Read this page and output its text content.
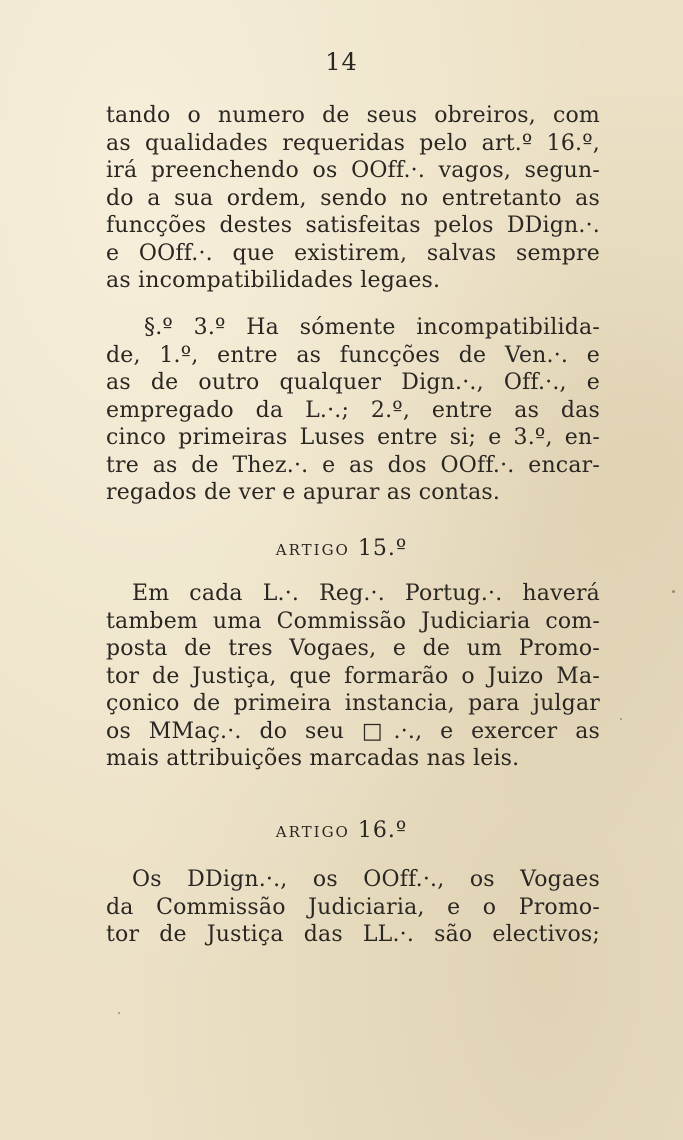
14
tando o numero de seus obreiros, com
as qualidades requeridas pelo art.º 16.º,
irá preenchendo os OOff.·. vagos, segun-
do a sua ordem, sendo no entretanto as
funcções destes satisfeitas pelos DDign.·.
e OOff.·. que existirem, salvas sempre
as incompatibilidades legaes.
§.º 3.º Ha sómente incompatibilida-
de, 1.º, entre as funcções de Ven.·. e
as de outro qualquer Dign.·., Off.·., e
empregado da L.·.; 2.º, entre as das
cinco primeiras Luses entre si; e 3.º, en-
tre as de Thez.·. e as dos OOff.·. encar-
regados de ver e apurar as contas.
ARTIGO 15.º
Em cada L.·. Reg.·. Portug.·. haverá
tambem uma Commissão Judiciaria com-
posta de tres Vogaes, e de um Promo-
tor de Justiça, que formarão o Juizo Ma-
çonico de primeira instancia, para julgar
os MMaç.·. do seu □.·., e exercer as
mais attribuições marcadas nas leis.
ARTIGO 16.º
Os DDign.·., os OOff.·., os Vogaes
da Commissão Judiciaria, e o Promo-
tor de Justiça das LL.·. são electivos;
